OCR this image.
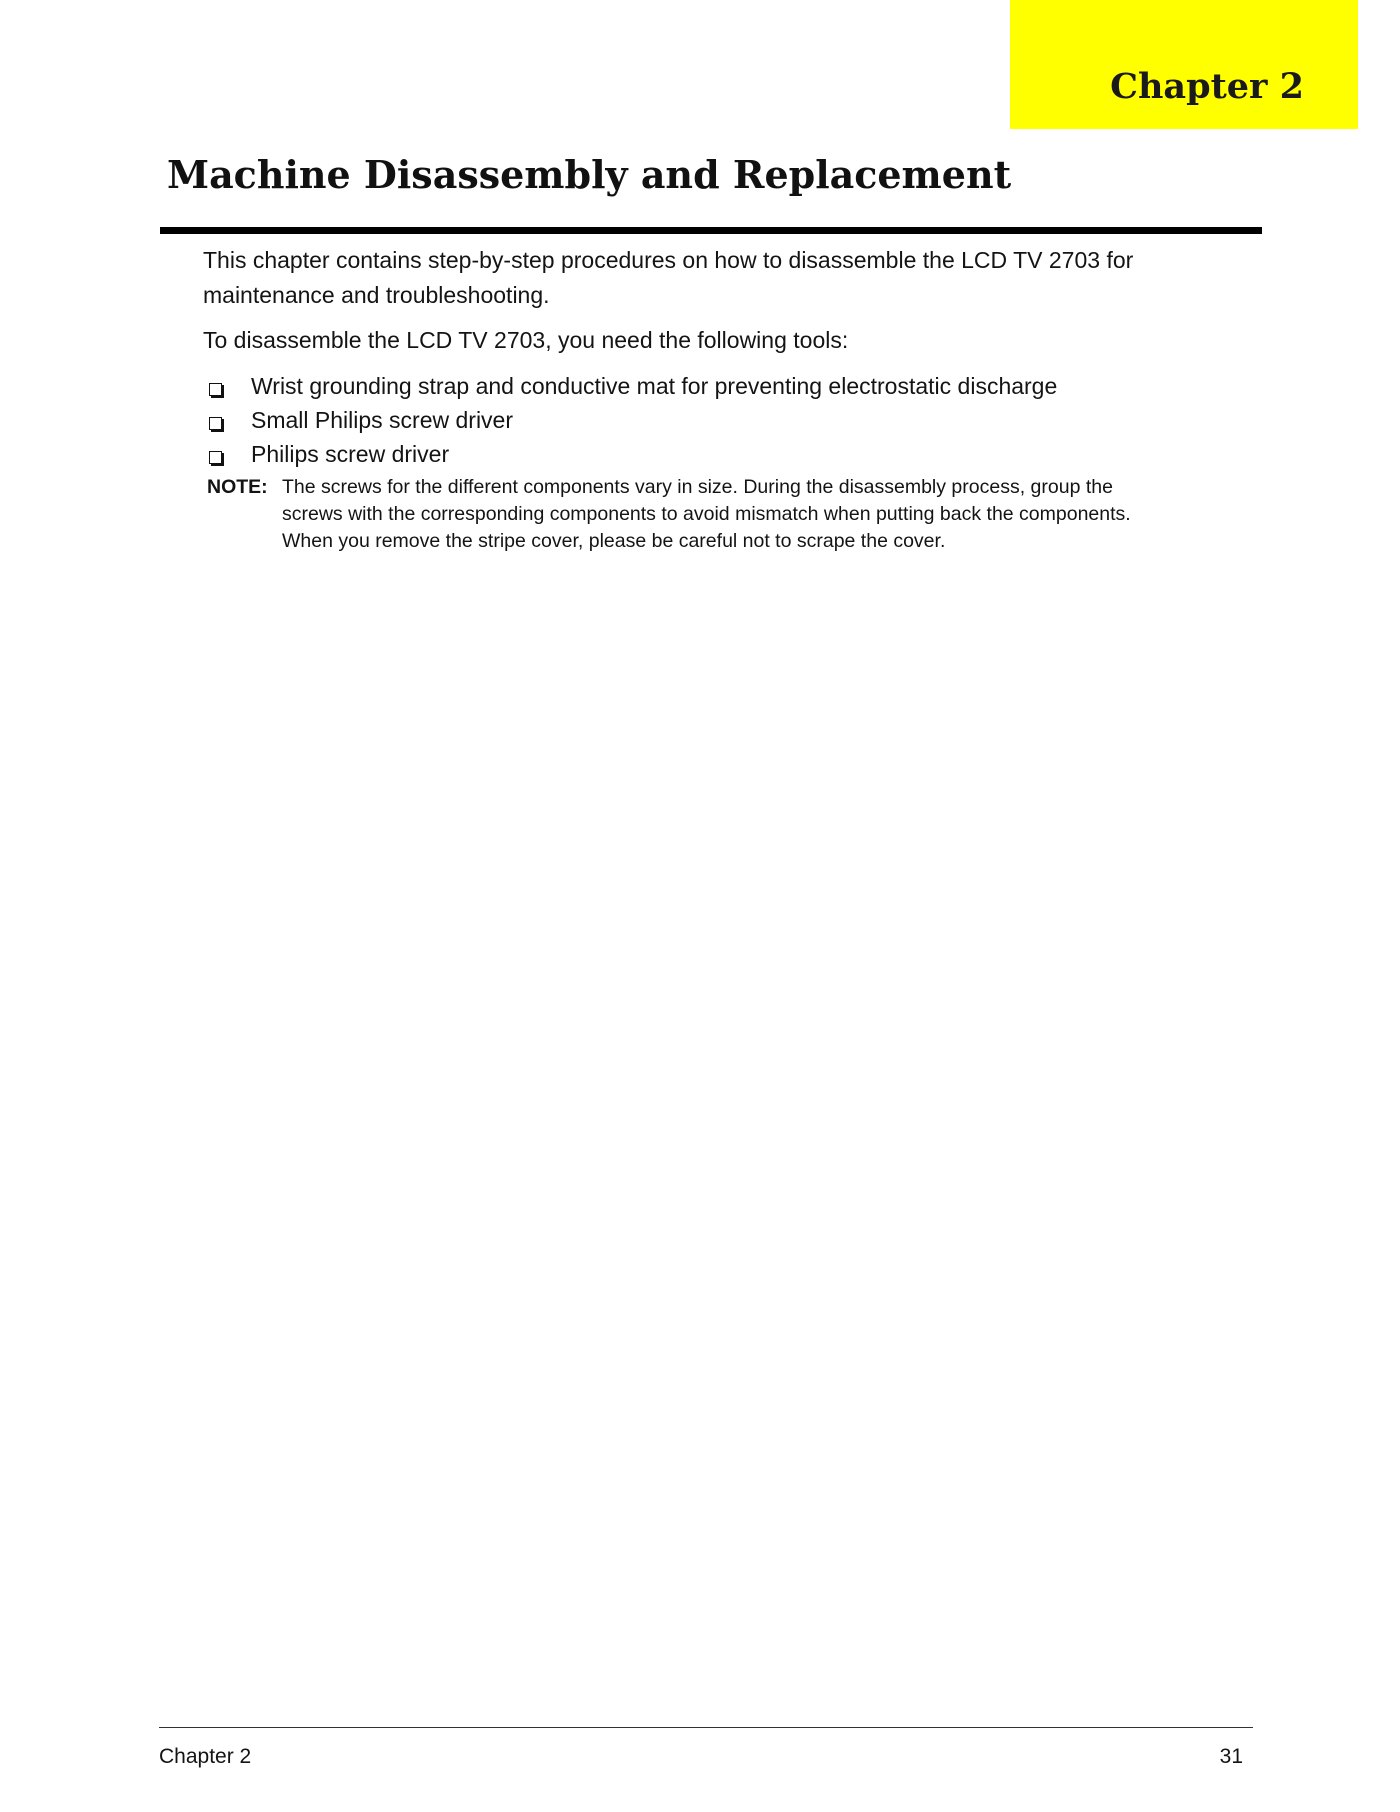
Chapter 2
Machine Disassembly and Replacement

This chapter contains step-by-step procedures on how to disassemble the LCD TV 2703 for maintenance and troubleshooting.

To disassemble the LCD TV 2703, you need the following tools:

Wrist grounding strap and conductive mat for preventing electrostatic discharge
Small Philips screw driver
Philips screw driver
NOTE: The screws for the different components vary in size. During the disassembly process, group the
screws with the corresponding components to avoid mismatch when putting back the components.
When you remove the stripe cover, please be careful not to scrape the cover.
Chapter 2	31
